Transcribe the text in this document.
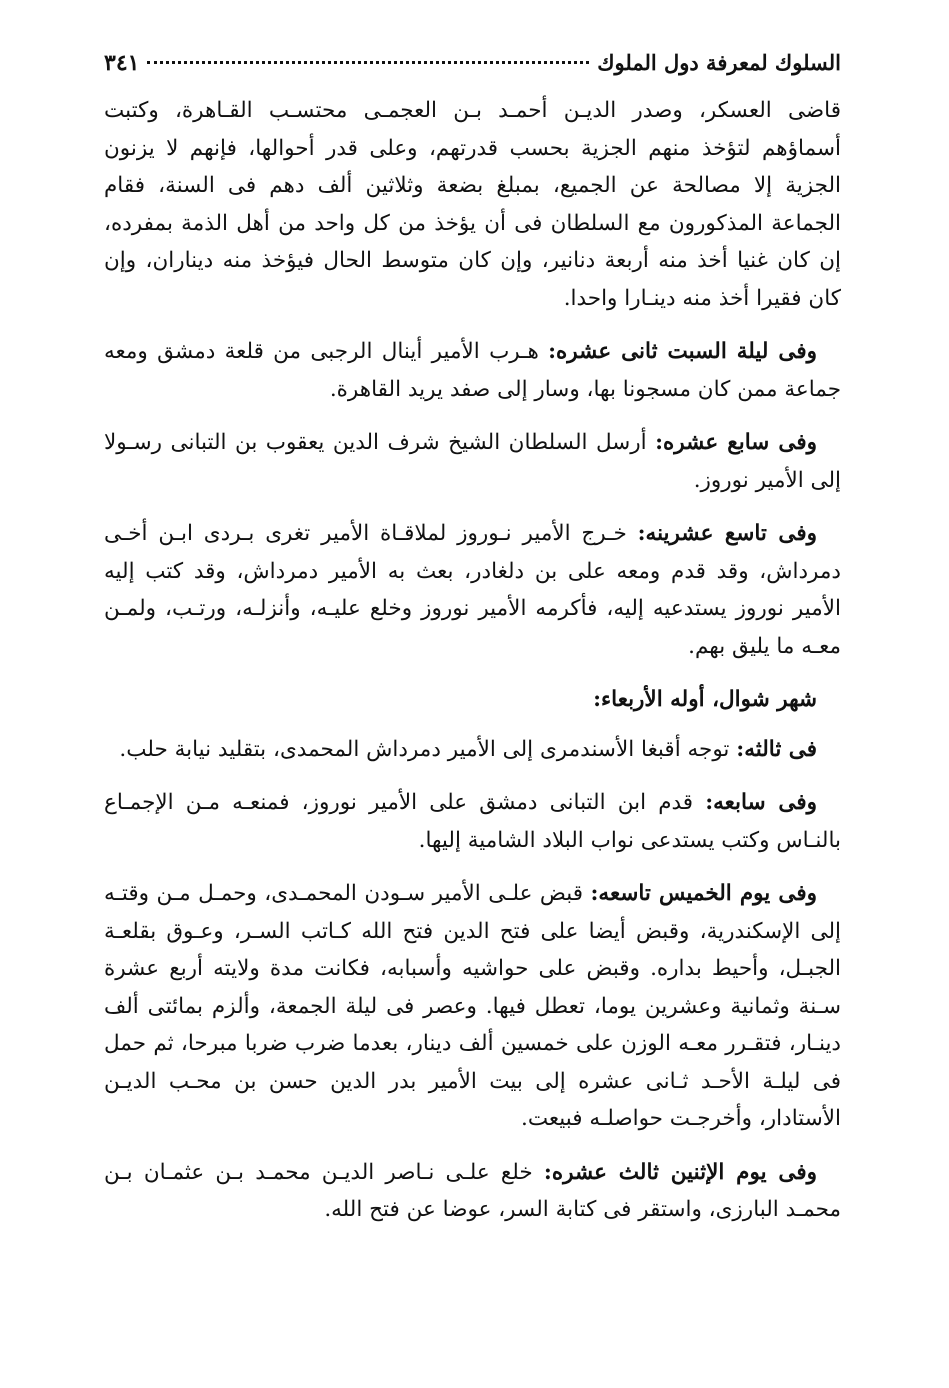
السلوك لمعرفة دول الملوك
٣٤١

قاضى العسكر، وصدر الديـن أحمـد بـن العجمـى محتسـب القـاهرة، وكتبت أسماؤهم لتؤخذ منهم الجزية بحسب قدرتهم، وعلى قدر أحوالها، فإنهم لا يزنون الجزية إلا مصالحة عن الجميع، بمبلغ بضعة وثلاثين ألف دهم فى السنة، فقام الجماعة المذكورون مع السلطان فى أن يؤخذ من كل واحد من أهل الذمة بمفرده، إن كان غنيا أخذ منه أربعة دنانير، وإن كان متوسط الحال فيؤخذ منه ديناران، وإن كان فقيرا أخذ منه دينـارا واحدا.

وفى ليلة السبت ثانى عشره: هـرب الأمير أينال الرجبى من قلعة دمشق ومعه جماعة ممن كان مسجونا بها، وسار إلى صفد يريد القاهرة.

وفى سابع عشره: أرسل السلطان الشيخ شرف الدين يعقوب بن التبانى رسـولا إلى الأمير نوروز.

وفى تاسع عشرينه: خـرج الأمير نـوروز لملاقـاة الأمير تغرى بـردى ابـن أخـى دمرداش، وقد قدم ومعه على بن دلغادر، بعث به الأمير دمرداش، وقد كتب إليه الأمير نوروز يستدعيه إليه، فأكرمه الأمير نوروز وخلع عليـه، وأنزلـه، ورتـب، ولمـن معـه ما يليق بهم.

شهر شوال، أوله الأربعاء:

فى ثالثه: توجه أقبغا الأسندمرى إلى الأمير دمرداش المحمدى، بتقليد نيابة حلب.

وفى سابعه: قدم ابن التبانى دمشق على الأمير نوروز، فمنعـه مـن الإجمـاع بالنـاس وكتب يستدعى نواب البلاد الشامية إليها.

وفى يوم الخميس تاسعه: قبض علـى الأمير سـودن المحمـدى، وحمـل مـن وقتـه إلى الإسكندرية، وقبض أيضا على فتح الدين فتح الله كـاتب السـر، وعـوق بقلعـة الجبـل، وأحيط بداره. وقبض على حواشيه وأسبابه، فكانت مدة ولايته أربع عشرة سـنة وثمانية وعشرين يوما، تعطل فيها. وعصر فى ليلة الجمعة، وألزم بمائتى ألف دينـار، فتقـرر معـه الوزن على خمسين ألف دينار، بعدما ضرب ضربا مبرحا، ثم حمل فى ليلـة الأحـد ثـانى عشره إلى بيت الأمير بدر الدين حسن بن محـب الديـن الأستادار، وأخرجـت حواصلـه فبيعت.

وفى يوم الإثنين ثالث عشره: خلع علـى نـاصر الديـن محمـد بـن عثمـان بـن محمـد البارزى، واستقر فى كتابة السر، عوضا عن فتح الله.
